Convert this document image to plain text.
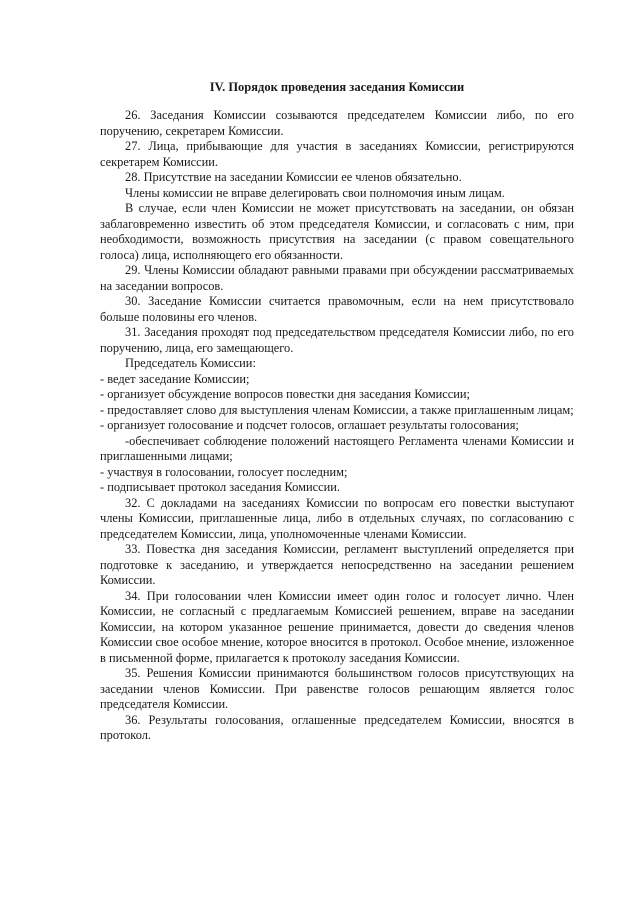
IV. Порядок проведения заседания Комиссии

26. Заседания Комиссии созываются председателем Комиссии либо, по его поручению, секретарем Комиссии.

27. Лица, прибывающие для участия в заседаниях Комиссии, регистрируются секретарем Комиссии.

28. Присутствие на заседании Комиссии ее членов обязательно.

Члены комиссии не вправе делегировать свои полномочия иным лицам.

В случае, если член Комиссии не может присутствовать на заседании, он обязан заблаговременно известить об этом председателя Комиссии, и согласовать с ним, при необходимости, возможность присутствия на заседании (с правом совещательного голоса) лица, исполняющего его обязанности.

29. Члены Комиссии обладают равными правами при обсуждении рассматриваемых на заседании вопросов.

30. Заседание Комиссии считается правомочным, если на нем присутствовало больше половины его членов.

31. Заседания проходят под председательством председателя Комиссии либо, по его поручению, лица, его замещающего.

Председатель Комиссии:

- ведет заседание Комиссии;

- организует обсуждение вопросов повестки дня заседания Комиссии;

- предоставляет слово для выступления членам Комиссии, а также приглашенным лицам;

- организует голосование и подсчет голосов, оглашает результаты голосования;

-обеспечивает соблюдение положений настоящего Регламента членами Комиссии и приглашенными лицами;

- участвуя в голосовании, голосует последним;

- подписывает протокол заседания Комиссии.

32. С докладами на заседаниях Комиссии по вопросам его повестки выступают члены Комиссии, приглашенные лица, либо в отдельных случаях, по согласованию с председателем Комиссии, лица, уполномоченные членами Комиссии.

33. Повестка дня заседания Комиссии, регламент выступлений определяется при подготовке к заседанию, и утверждается непосредственно на заседании решением Комиссии.

34. При голосовании член Комиссии имеет один голос и голосует лично. Член Комиссии, не согласный с предлагаемым Комиссией решением, вправе на заседании Комиссии, на котором указанное решение принимается, довести до сведения членов Комиссии свое особое мнение, которое вносится в протокол. Особое мнение, изложенное в письменной форме, прилагается к протоколу заседания Комиссии.

35. Решения Комиссии принимаются большинством голосов присутствующих на заседании членов Комиссии. При равенстве голосов решающим является голос председателя Комиссии.

36. Результаты голосования, оглашенные председателем Комиссии, вносятся в протокол.
